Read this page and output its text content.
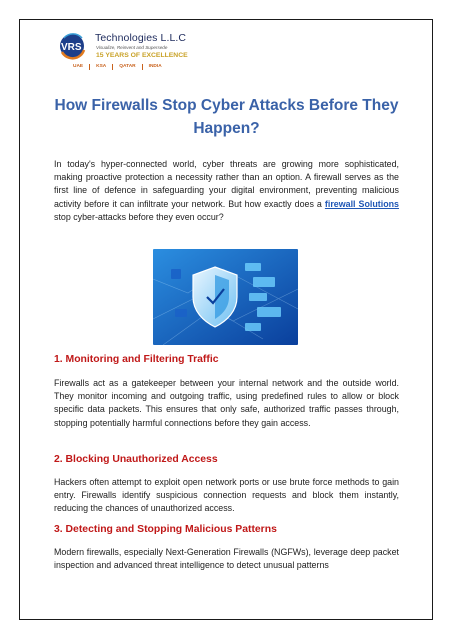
VRS
Technologies L.L.C
Visualize, Reinvent and Supersede
15 YEARS OF EXCELLENCE
UAE	KSA	QATAR	INDIA
How Firewalls Stop Cyber Attacks Before They Happen?
In today's hyper-connected world, cyber threats are growing more sophisticated, making proactive protection a necessity rather than an option. A firewall serves as the first line of defence in safeguarding your digital environment, preventing malicious activity before it can infiltrate your network. But how exactly does a firewall Solutions stop cyber-attacks before they even occur?
1. Monitoring and Filtering Traffic
Firewalls act as a gatekeeper between your internal network and the outside world. They monitor incoming and outgoing traffic, using predefined rules to allow or block specific data packets. This ensures that only safe, authorized traffic passes through, stopping potentially harmful connections before they gain access.
2. Blocking Unauthorized Access
Hackers often attempt to exploit open network ports or use brute force methods to gain entry. Firewalls identify suspicious connection requests and block them instantly, reducing the chances of unauthorized access.
3. Detecting and Stopping Malicious Patterns
Modern firewalls, especially Next-Generation Firewalls (NGFWs), leverage deep packet inspection and advanced threat intelligence to detect unusual patterns
